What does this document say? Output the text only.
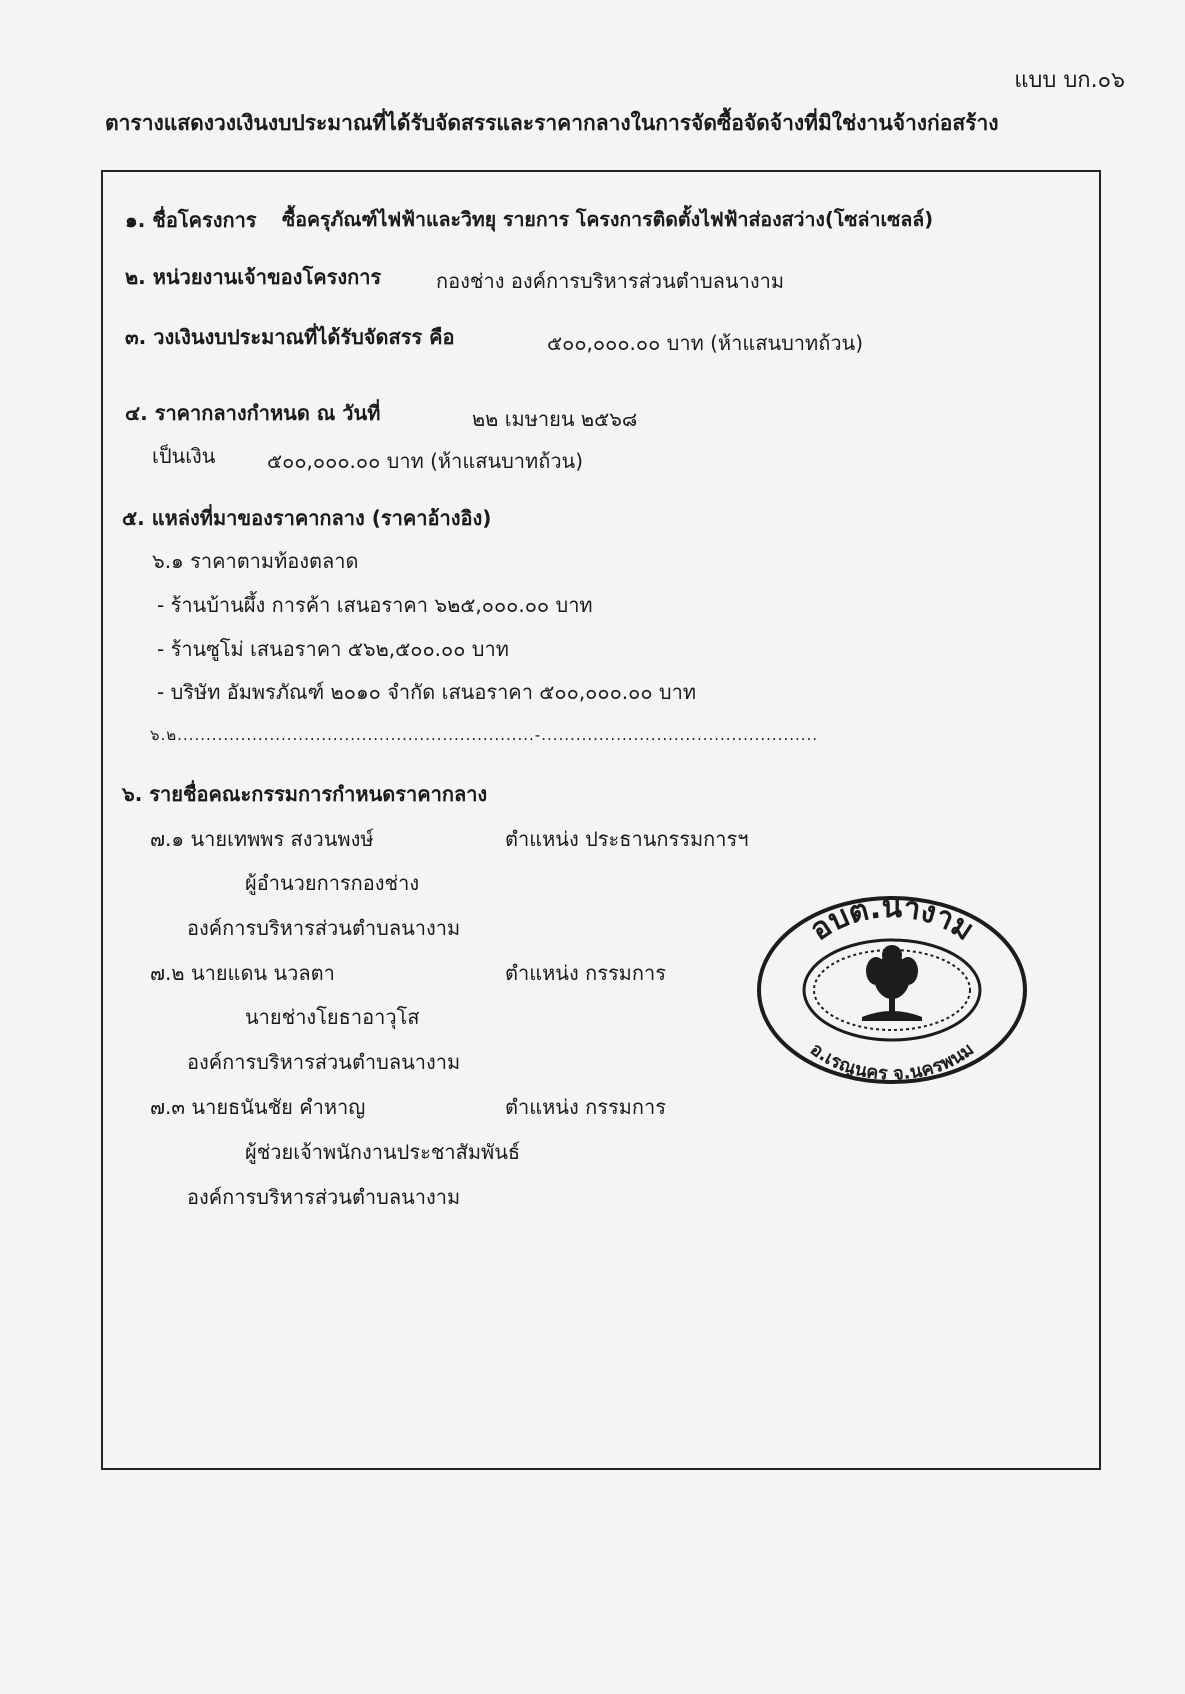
แบบ บก.๐๖
ตารางแสดงวงเงินงบประมาณที่ได้รับจัดสรรและราคากลางในการจัดซื้อจัดจ้างที่มิใช่งานจ้างก่อสร้าง
๑. ชื่อโครงการ ซื้อครุภัณฑ์ไฟฟ้าและวิทยุ รายการ โครงการติดตั้งไฟฟ้าส่องสว่าง(โซล่าเซลล์)
๒. หน่วยงานเจ้าของโครงการ	กองช่าง องค์การบริหารส่วนตำบลนางาม
๓. วงเงินงบประมาณที่ได้รับจัดสรร คือ	๕๐๐,๐๐๐.๐๐ บาท (ห้าแสนบาทถ้วน)
๔. ราคากลางกำหนด ณ วันที่	๒๒ เมษายน ๒๕๖๘
เป็นเงิน	๕๐๐,๐๐๐.๐๐ บาท (ห้าแสนบาทถ้วน)
๕. แหล่งที่มาของราคากลาง (ราคาอ้างอิง)
๖.๑ ราคาตามท้องตลาด
- ร้านบ้านผึ้ง การค้า เสนอราคา ๖๒๕,๐๐๐.๐๐ บาท
- ร้านซูโม่ เสนอราคา ๕๖๒,๕๐๐.๐๐ บาท
- บริษัท อัมพรภัณฑ์ ๒๐๑๐ จำกัด เสนอราคา ๕๐๐,๐๐๐.๐๐ บาท
๖.๒..............................................................-................................................
๖. รายชื่อคณะกรรมการกำหนดราคากลาง
๗.๑ นายเทพพร สงวนพงษ์	ตำแหน่ง ประธานกรรมการฯ
ผู้อำนวยการกองช่าง
องค์การบริหารส่วนตำบลนางาม
๗.๒ นายแดน นวลตา	ตำแหน่ง กรรมการ
นายช่างโยธาอาวุโส
องค์การบริหารส่วนตำบลนางาม
๗.๓ นายธนันชัย คำหาญ	ตำแหน่ง กรรมการ
ผู้ช่วยเจ้าพนักงานประชาสัมพันธ์
องค์การบริหารส่วนตำบลนางาม
อบต.นางาม
อ.เรณูนคร จ.นครพนม
